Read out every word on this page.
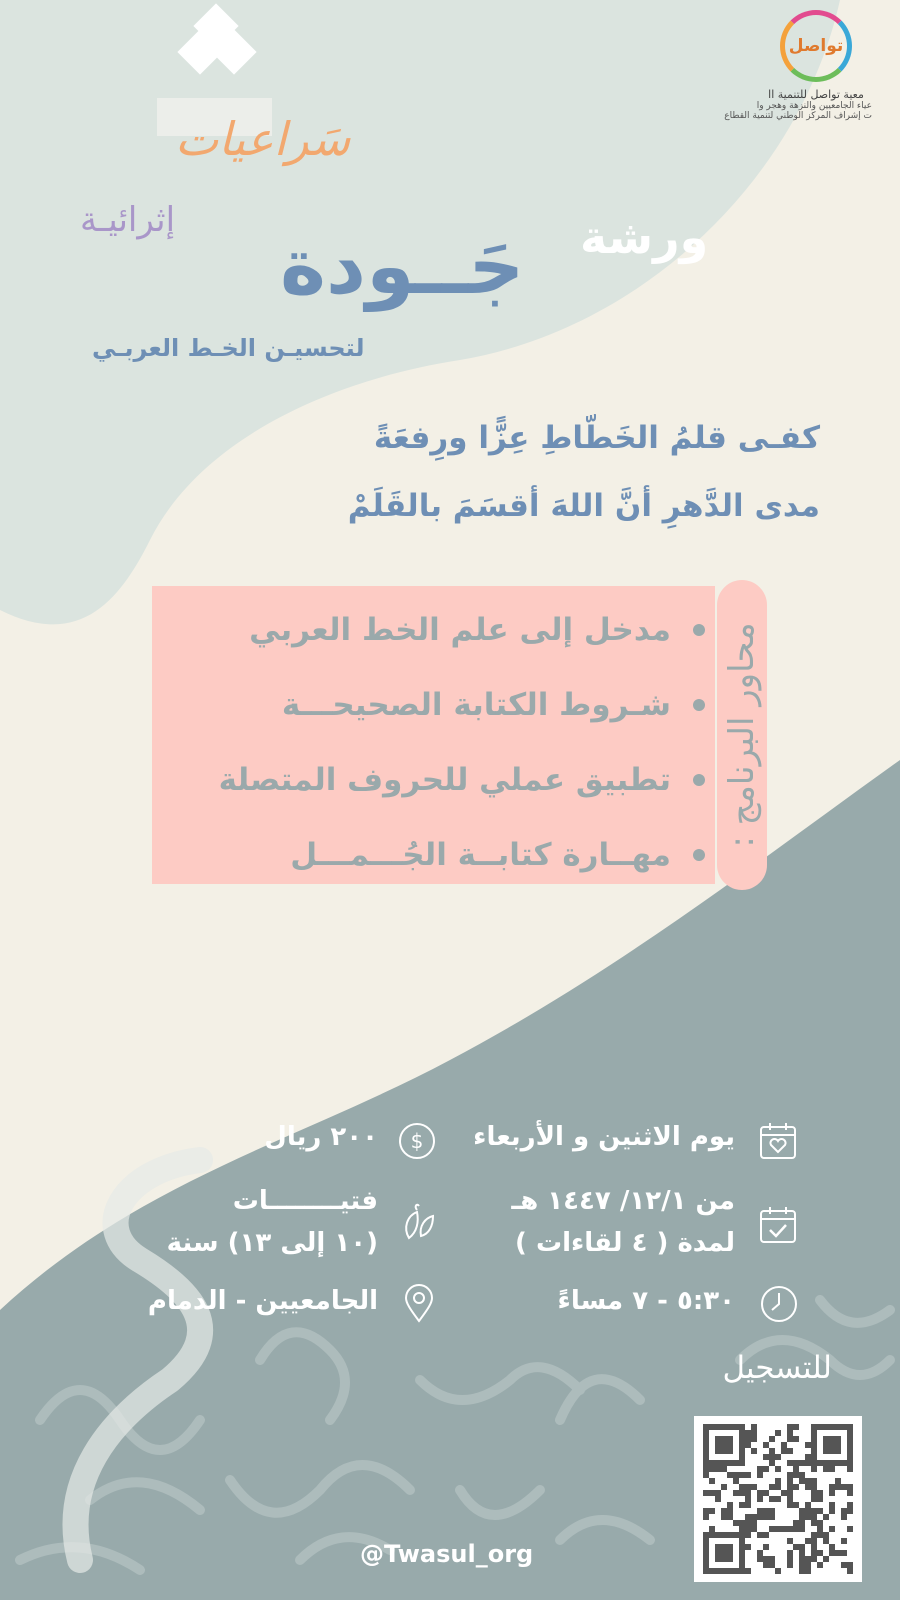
تواصل
معية تواصل للتنمية اا
عياء الجامعيين والنزهة وهجر وا
ت إشراف المركز الوطني لتنمية القطاع
سَراعيات
إثرائيـة	ورشة
جَــودة
لتحسيـن الخـط العربـي
كفـى قلمُ الخَطّاطِ عِزًّا ورِفعَةً
مدى الدَّهرِ أنَّ اللهَ أقسَمَ بالقَلَمْ
محاور البرنامج :
مدخل إلى علم الخط العربي
شـروط الكتابة الصحيحـــة
تطبيق عملي للحروف المتصلة
مهــارة كتابــة الجُـــمـــل
يوم الاثنين و الأربعاء
من ١٢/١/ ١٤٤٧ هـ
لمدة ( ٤ لقاءات )
٥:٣٠ - ٧ مساءً
$
٢٠٠ ريال
فتيــــــــات
(١٠ إلى ١٣) سنة
الجامعيين - الدمام
للتسجيل
@Twasul_org
